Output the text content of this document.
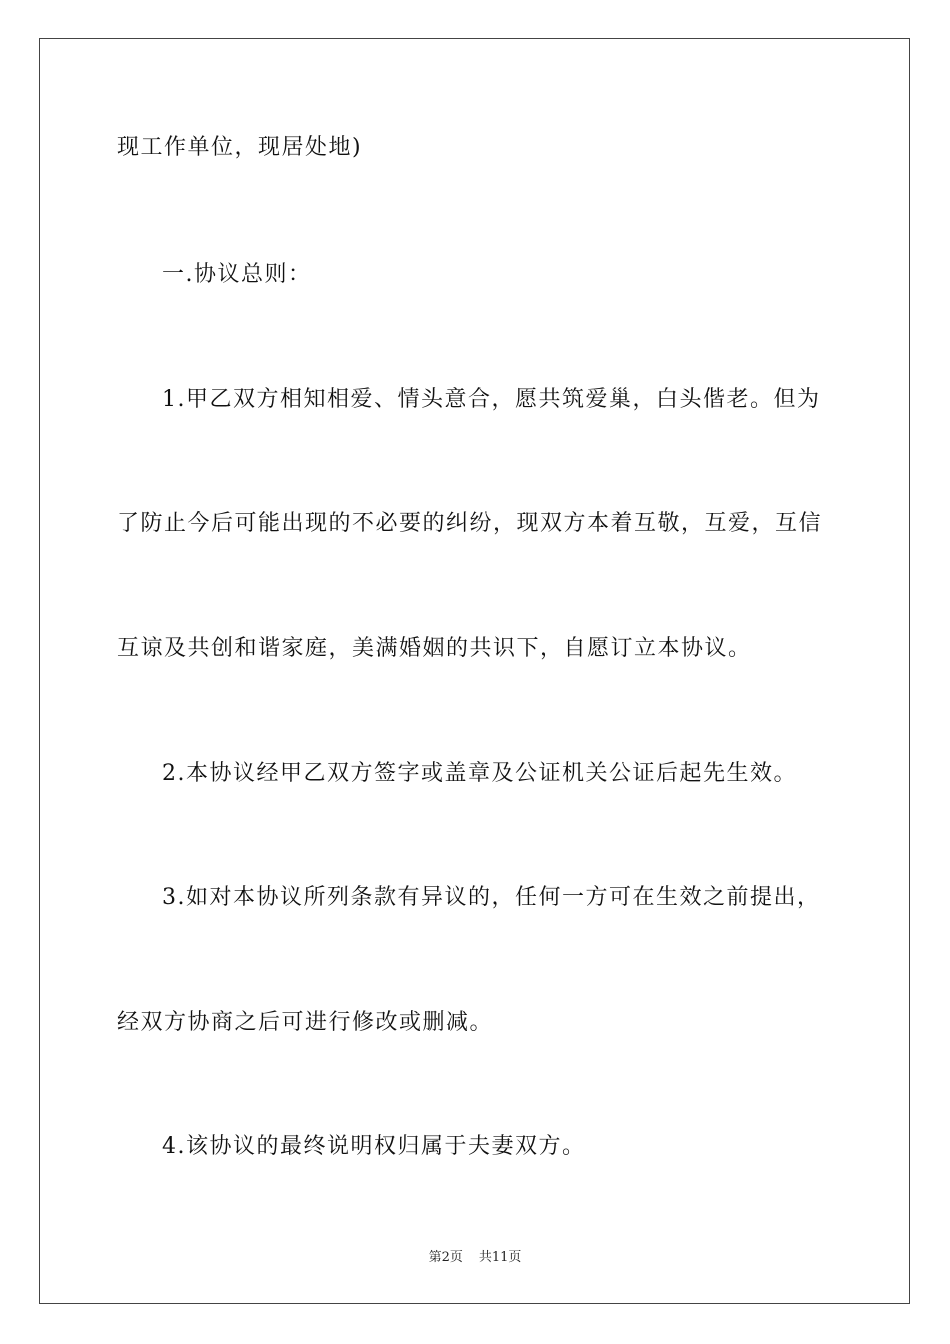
现工作单位，现居处地)
一.协议总则：
1.甲乙双方相知相爱、情头意合，愿共筑爱巢，白头偕老。但为
了防止今后可能出现的不必要的纠纷，现双方本着互敬，互爱，互信
互谅及共创和谐家庭，美满婚姻的共识下，自愿订立本协议。
2.本协议经甲乙双方签字或盖章及公证机关公证后起先生效。
3.如对本协议所列条款有异议的，任何一方可在生效之前提出，
经双方协商之后可进行修改或删减。
4.该协议的最终说明权归属于夫妻双方。
第2页 共11页
